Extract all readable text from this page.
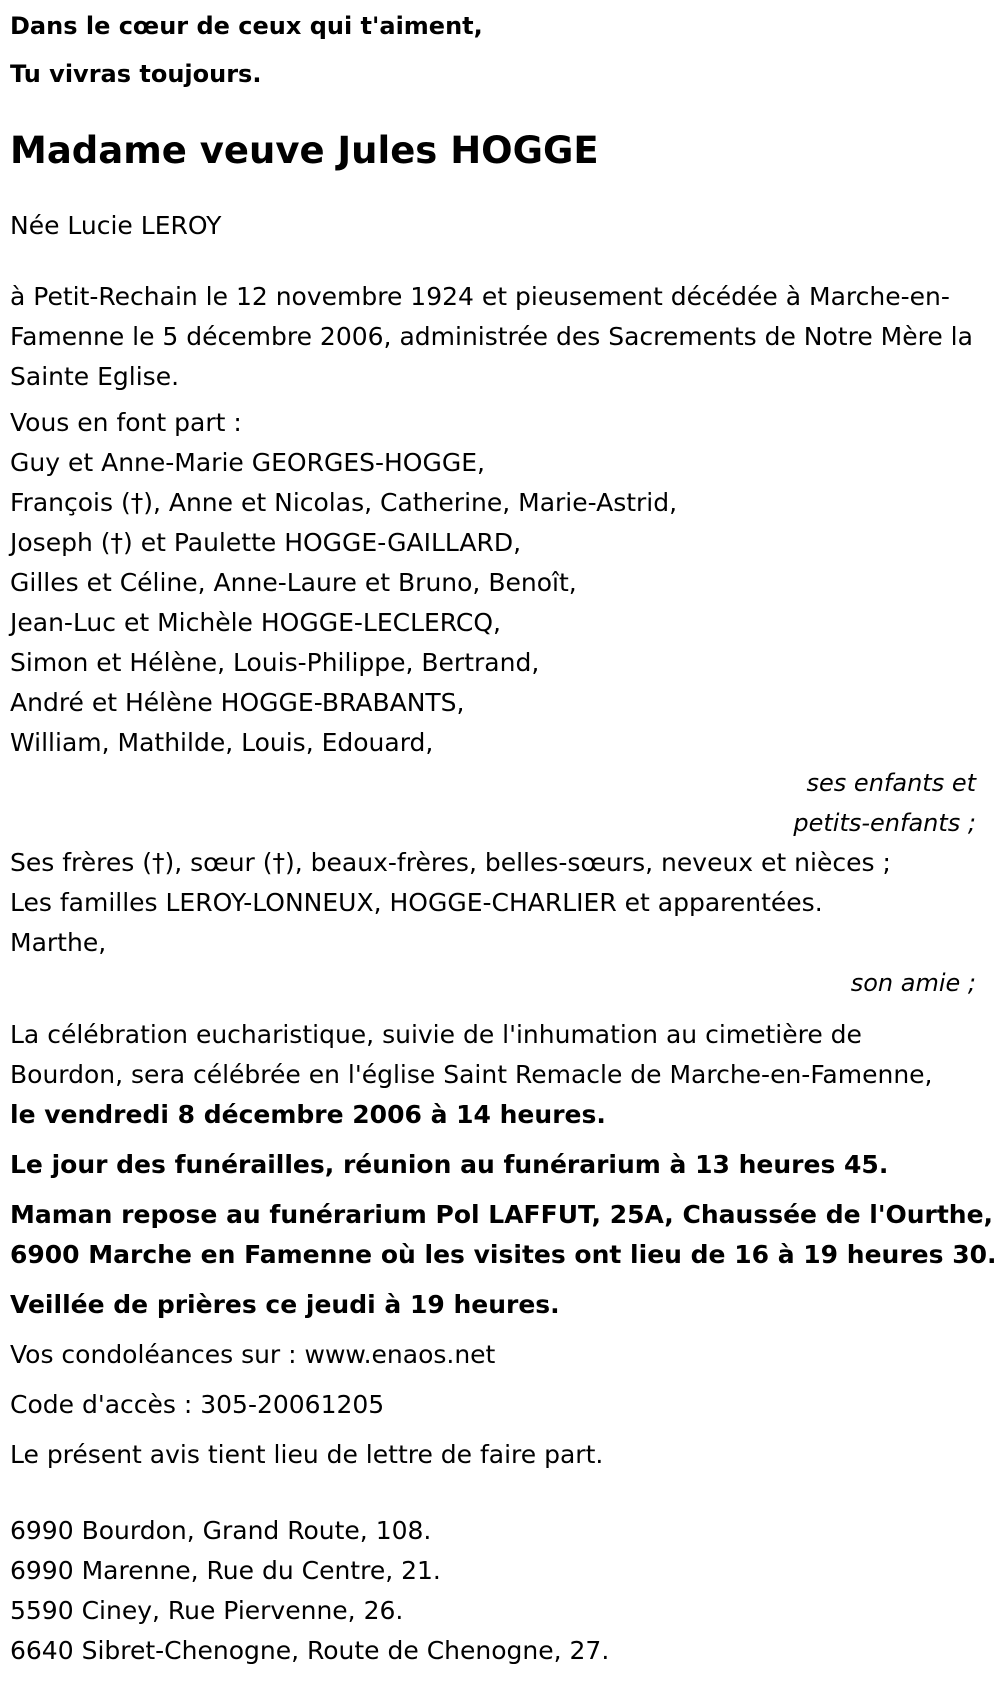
Dans le cœur de ceux qui t'aiment,
Tu vivras toujours.
Madame veuve Jules HOGGE
Née Lucie LEROY
à Petit-Rechain le 12 novembre 1924 et pieusement décédée à Marche-en-Famenne le 5 décembre 2006, administrée des Sacrements de Notre Mère la Sainte Eglise.
Vous en font part :
Guy et Anne-Marie GEORGES-HOGGE,
François (†), Anne et Nicolas, Catherine, Marie-Astrid,
Joseph (†) et Paulette HOGGE-GAILLARD,
Gilles et Céline, Anne-Laure et Bruno, Benoît,
Jean-Luc et Michèle HOGGE-LECLERCQ,
Simon et Hélène, Louis-Philippe, Bertrand,
André et Hélène HOGGE-BRABANTS,
William, Mathilde, Louis, Edouard,
ses enfants et
petits-enfants ;
Ses frères (†), sœur (†), beaux-frères, belles-sœurs, neveux et nièces ;
Les familles LEROY-LONNEUX, HOGGE-CHARLIER et apparentées.
Marthe,
son amie ;
La célébration eucharistique, suivie de l'inhumation au cimetière de
Bourdon, sera célébrée en l'église Saint Remacle de Marche-en-Famenne,
le vendredi 8 décembre 2006 à 14 heures.
Le jour des funérailles, réunion au funérarium à 13 heures 45.
Maman repose au funérarium Pol LAFFUT, 25A, Chaussée de l'Ourthe,
6900 Marche en Famenne où les visites ont lieu de 16 à 19 heures 30.
Veillée de prières ce jeudi à 19 heures.
Vos condoléances sur : www.enaos.net
Code d'accès : 305-20061205
Le présent avis tient lieu de lettre de faire part.
6990 Bourdon, Grand Route, 108.
6990 Marenne, Rue du Centre, 21.
5590 Ciney, Rue Piervenne, 26.
6640 Sibret-Chenogne, Route de Chenogne, 27.
